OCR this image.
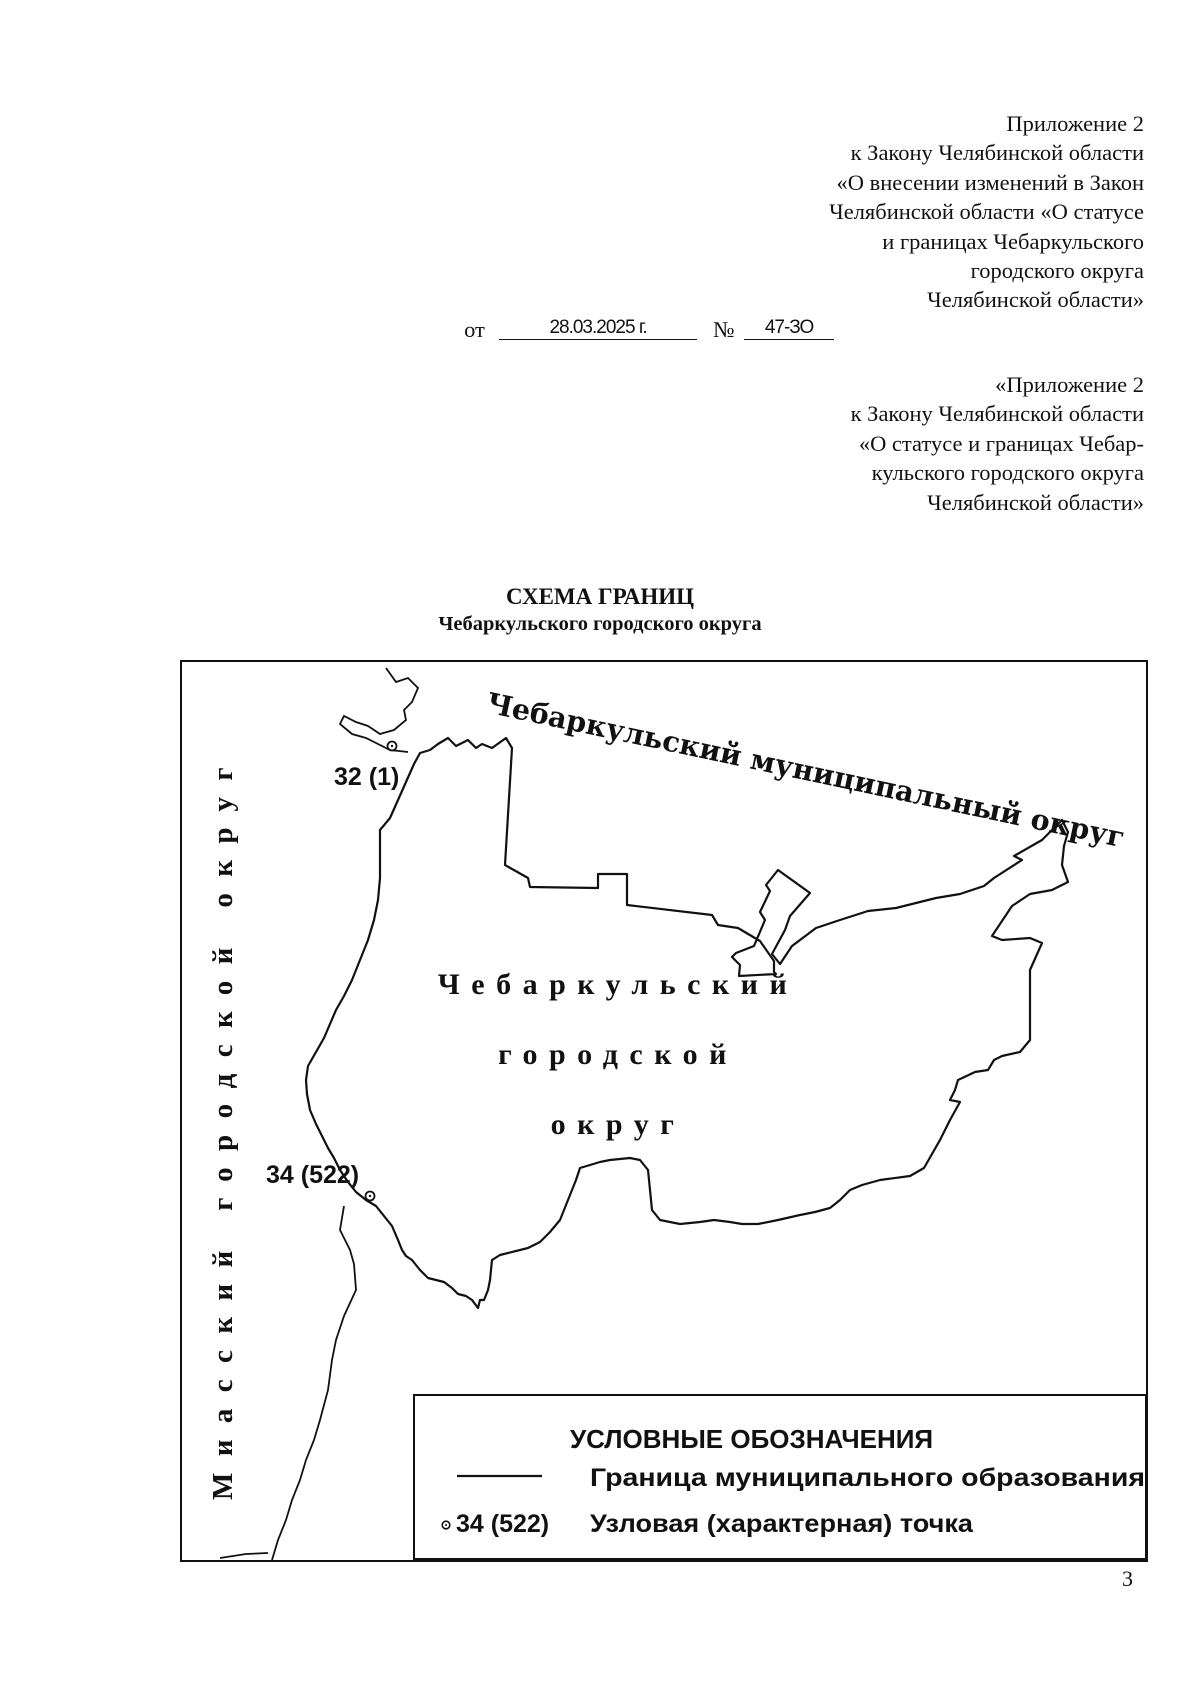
Приложение 2
к Закону Челябинской области
«О внесении изменений в Закон
Челябинской области «О статусе
и границах Чебаркульского
городского округа
Челябинской области»
от	28.03.2025 г.	№	47-ЗО
«Приложение 2
к Закону Челябинской области
«О статусе и границах Чебар-
кульского городского округа
Челябинской области»
СХЕМА ГРАНИЦ
Чебаркульского городского округа
32 (1)
34 (522)
Чебаркульский муниципальный округ
Миасский городской округ	Чебаркульский
городской
округ
УСЛОВНЫЕ ОБОЗНАЧЕНИЯ
Граница муниципального образования
34 (522) Узловая (характерная) точка
3
